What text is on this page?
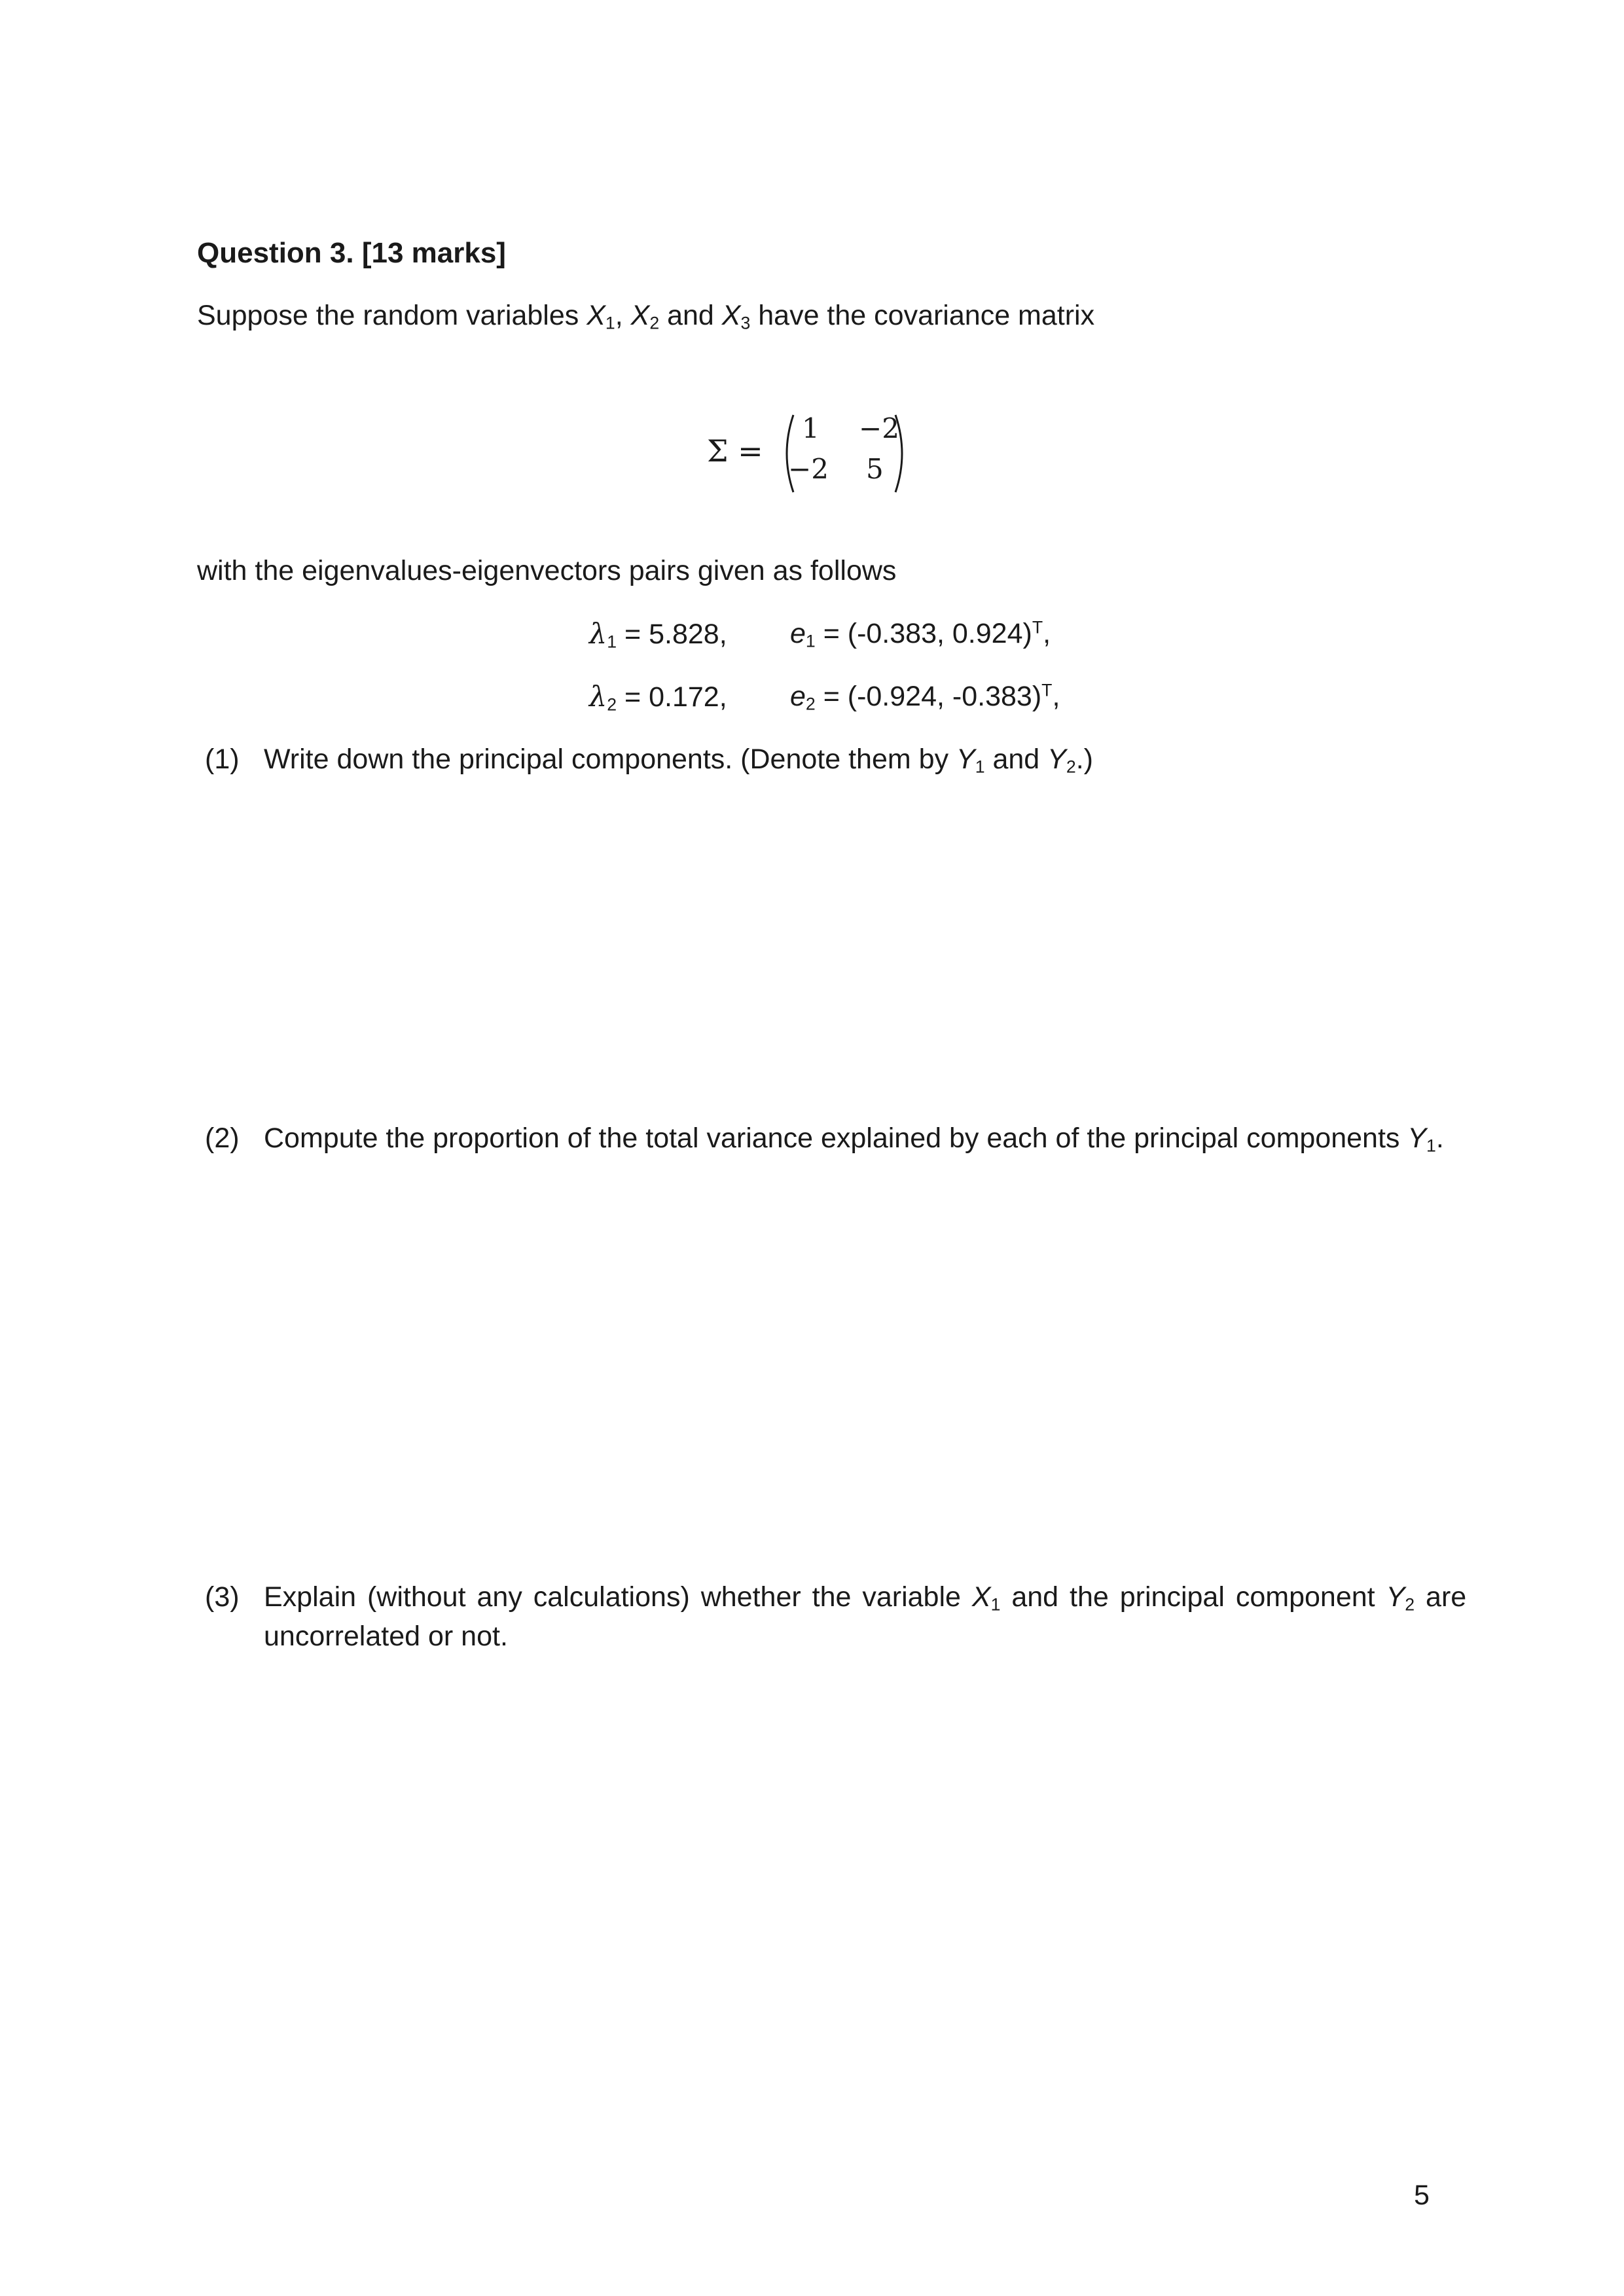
Question 3. [13 marks]
Suppose the random variables $X_1$, $X_2$ and $X_3$ have the covariance matrix
Σ =
1 −2
−2 5
with the eigenvalues-eigenvectors pairs given as follows
$\lambda_1 = 5.828$, $e_1 = (-0.383$, 0.924)$^T$,
$\lambda_2 = 0.172$, $e_2 = (-0.924$, -0.383)$^T$,
(1) Write down the principal components. (Denote them by $Y_1$ and $Y_2$.)
(2) Compute the proportion of the total variance explained by each of the principal components $Y_1$.
(3) Explain (without any calculations) whether the variable $X_1$ and the principal component $Y_2$ are
uncorrelated or not.
5
